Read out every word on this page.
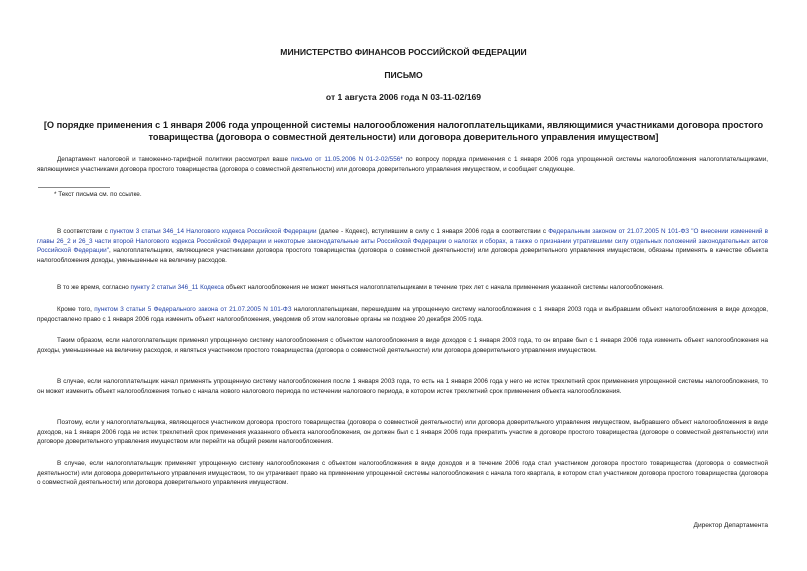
МИНИСТЕРСТВО ФИНАНСОВ РОССИЙСКОЙ ФЕДЕРАЦИИ
ПИСЬМО
от 1 августа 2006 года N 03-11-02/169
[О порядке применения с 1 января 2006 года упрощенной системы налогообложения налогоплательщиками, являющимися участниками договора простого товарищества (договора о совместной деятельности) или договора доверительного управления имуществом]

Департамент налоговой и таможенно-тарифной политики рассмотрел ваше письмо от 11.05.2006 N 01-2-02/556* по вопросу порядка применения с 1 января 2006 года упрощенной системы налогообложения налогоплательщиками, являющимися участниками договора простого товарищества (договора о совместной деятельности) или договора доверительного управления имуществом, и сообщает следующее.

* Текст письма см. по ссылке.

В соответствии с пунктом 3 статьи 346_14 Налогового кодекса Российской Федерации (далее - Кодекс), вступившим в силу с 1 января 2006 года в соответствии с Федеральным законом от 21.07.2005 N 101-ФЗ "О внесении изменений в главы 26_2 и 26_3 части второй Налогового кодекса Российской Федерации и некоторые законодательные акты Российской Федерации о налогах и сборах, а также о признании утратившими силу отдельных положений законодательных актов Российской Федерации", налогоплательщики, являющиеся участниками договора простого товарищества (договора о совместной деятельности) или договора доверительного управления имуществом, обязаны применять в качестве объекта налогообложения доходы, уменьшенные на величину расходов.

В то же время, согласно пункту 2 статьи 346_11 Кодекса объект налогообложения не может меняться налогоплательщиками в течение трех лет с начала применения указанной системы налогообложения.

Кроме того, пунктом 3 статьи 5 Федерального закона от 21.07.2005 N 101-ФЗ налогоплательщикам, перешедшим на упрощенную систему налогообложения с 1 января 2003 года и выбравшим объект налогообложения в виде доходов, предоставлено право с 1 января 2006 года изменить объект налогообложения, уведомив об этом налоговые органы не позднее 20 декабря 2005 года.

Таким образом, если налогоплательщик применял упрощенную систему налогообложения с объектом налогообложения в виде доходов с 1 января 2003 года, то он вправе был с 1 января 2006 года изменить объект налогообложения на доходы, уменьшенные на величину расходов, и являться участником простого товарищества (договора о совместной деятельности) или договора доверительного управления имуществом.

В случае, если налогоплательщик начал применять упрощенную систему налогообложения после 1 января 2003 года, то есть на 1 января 2006 года у него не истек трехлетний срок применения упрощенной системы налогообложения, то он может изменить объект налогообложения только с начала нового налогового периода по истечении налогового периода, в котором истек трехлетний срок применения объекта налогообложения.

Поэтому, если у налогоплательщика, являющегося участником договора простого товарищества (договора о совместной деятельности) или договора доверительного управления имуществом, выбравшего объект налогообложения в виде доходов, на 1 января 2006 года не истек трехлетний срок применения указанного объекта налогообложения, он должен был с 1 января 2006 года прекратить участие в договоре простого товарищества (договоре о совместной деятельности) или договоре доверительного управления имуществом или перейти на общий режим налогообложения.

В случае, если налогоплательщик применяет упрощенную систему налогообложения с объектом налогообложения в виде доходов и в течение 2006 года стал участником договора простого товарищества (договора о совместной деятельности) или договора доверительного управления имуществом, то он утрачивает право на применение упрощенной системы налогообложения с начала того квартала, в котором стал участником договора простого товарищества (договора о совместной деятельности) или договора доверительного управления имуществом.

Директор Департамента
